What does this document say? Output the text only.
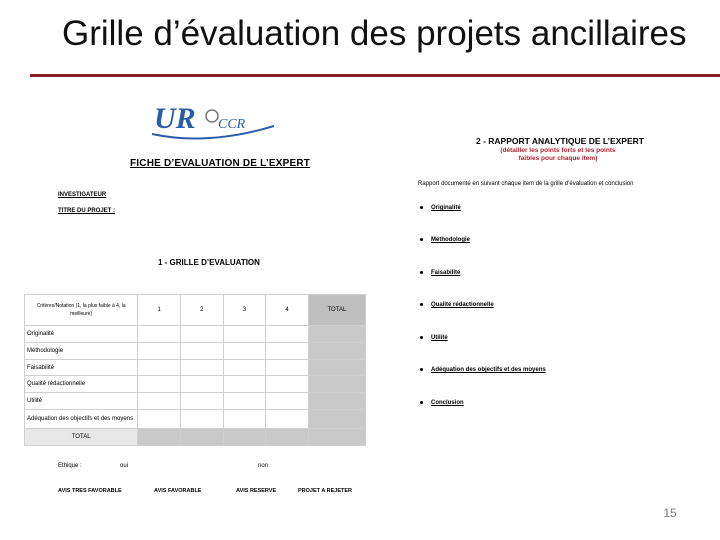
Grille d’évaluation des projets ancillaires
UR CCR
FICHE D’EVALUATION DE L’EXPERT
INVESTIGATEUR
TITRE DU PROJET :
1 - GRILLE D’EVALUATION
Critères/Notation (1, la plus faible à 4, la meilleure)	1	2	3	4	TOTAL
Originalité					
Méthodologie					
Faisabilité					
Qualité rédactionnelle					
Utilité					
Adéquation des objectifs et des moyens					
TOTAL					
Ethique :	oui	non
AVIS TRES FAVORABLE	AVIS FAVORABLE	AVIS RESERVE	PROJET A REJETER
2 - RAPPORT ANALYTIQUE DE L’EXPERT
(détailler les points forts et les points faibles pour chaque item)
Rapport documenté en suivant chaque item de la grille d’évaluation et conclusion
Originalité
Méthodologie
Faisabilité
Qualité rédactionnelle
Utilité
Adéquation des objectifs et des moyens
Conclusion
15
